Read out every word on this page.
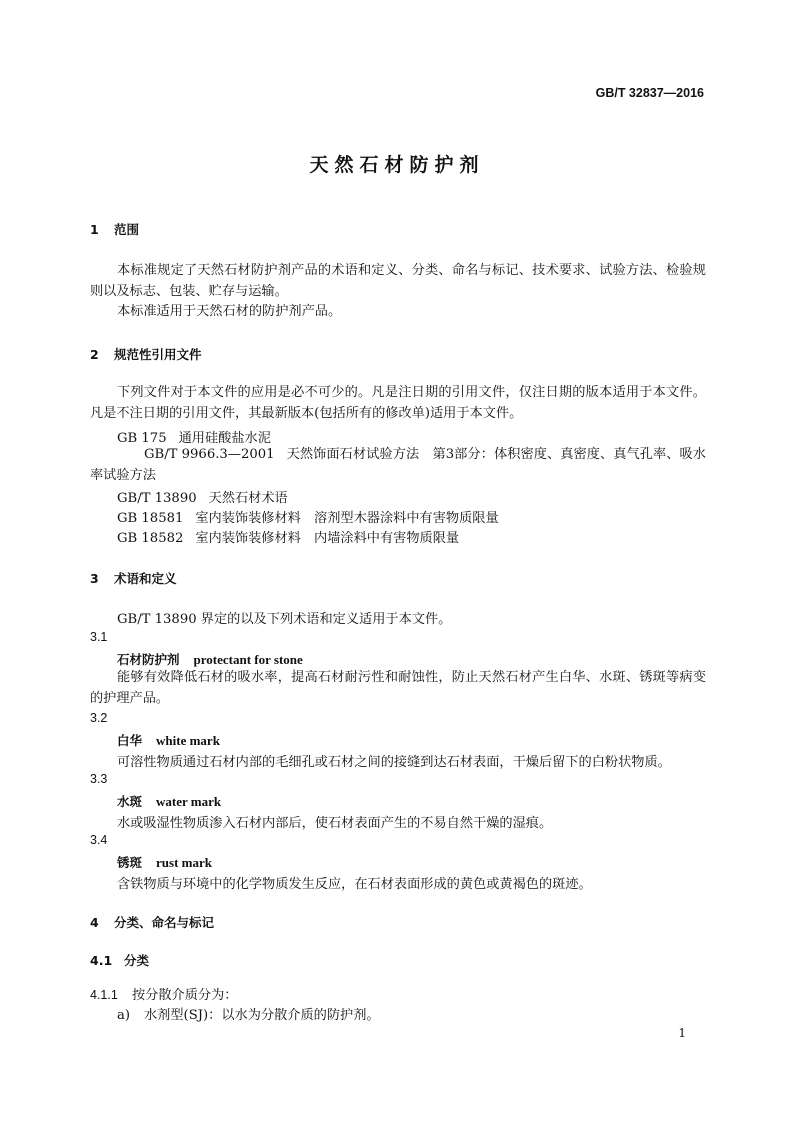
GB/T 32837—2016
天然石材防护剂
1 范围
本标准规定了天然石材防护剂产品的术语和定义、分类、命名与标记、技术要求、试验方法、检验规则以及标志、包装、贮存与运输。
本标准适用于天然石材的防护剂产品。
2 规范性引用文件
下列文件对于本文件的应用是必不可少的。凡是注日期的引用文件，仅注日期的版本适用于本文件。凡是不注日期的引用文件，其最新版本(包括所有的修改单)适用于本文件。
GB 175 通用硅酸盐水泥
GB/T 9966.3—2001 天然饰面石材试验方法　第3部分：体积密度、真密度、真气孔率、吸水率试验方法
GB/T 13890 天然石材术语
GB 18581 室内装饰装修材料　溶剂型木器涂料中有害物质限量
GB 18582 室内装饰装修材料　内墙涂料中有害物质限量
3 术语和定义
GB/T 13890 界定的以及下列术语和定义适用于本文件。
3.1
石材防护剂 protectant for stone
能够有效降低石材的吸水率，提高石材耐污性和耐蚀性，防止天然石材产生白华、水斑、锈斑等病变的护理产品。
3.2
白华 white mark
可溶性物质通过石材内部的毛细孔或石材之间的接缝到达石材表面，干燥后留下的白粉状物质。
3.3
水斑 water mark
水或吸湿性物质渗入石材内部后，使石材表面产生的不易自然干燥的湿痕。
3.4
锈斑 rust mark
含铁物质与环境中的化学物质发生反应，在石材表面形成的黄色或黄褐色的斑迹。
4 分类、命名与标记
4.1 分类
4.1.1 按分散介质分为：
a) 水剂型(SJ)：以水为分散介质的防护剂。
1
